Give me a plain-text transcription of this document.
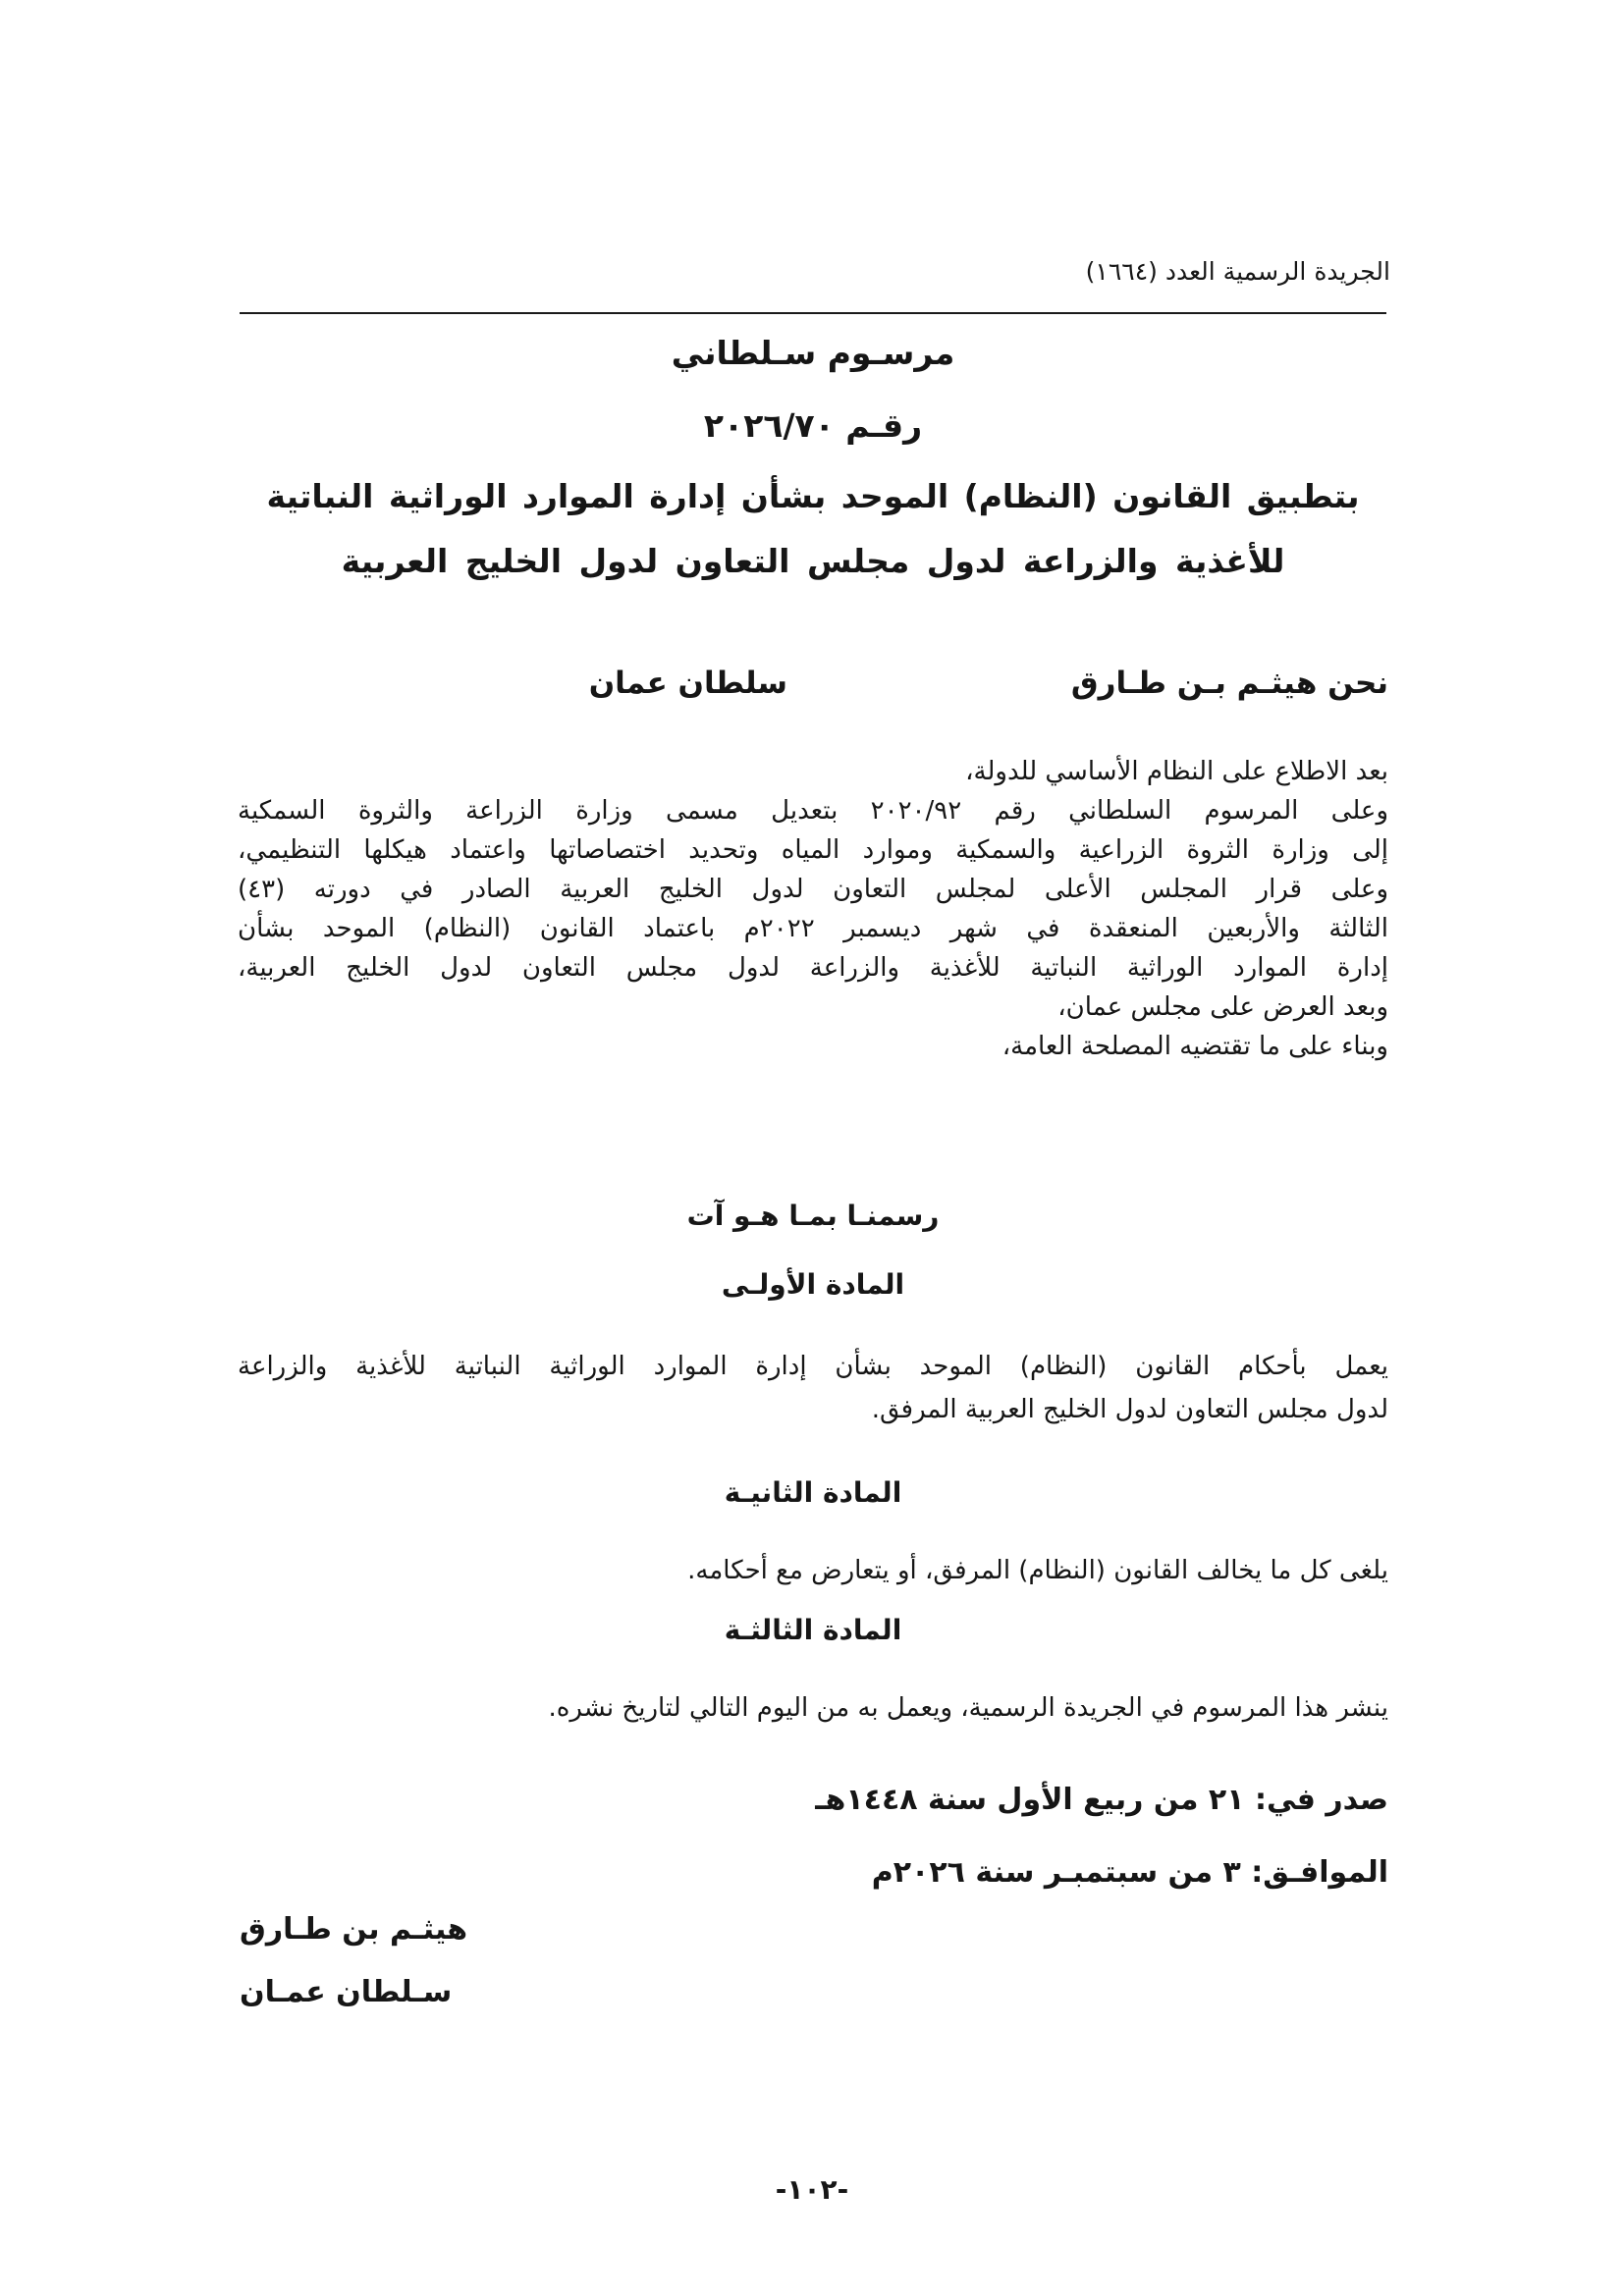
الجريدة الرسمية العدد (١٦٦٤)
مرسـوم سـلطاني
رقـم ٢٠٢٦/٧٠
بتطبيق القانون (النظام) الموحد بشأن إدارة الموارد الوراثية النباتية
للأغذية والزراعة لدول مجلس التعاون لدول الخليج العربية
نحن هيثـم بـن طـارق
سلطان عمان
بعد الاطلاع على النظام الأساسي للدولة،
وعلى المرسوم السلطاني رقم ٢٠٢٠/٩٢ بتعديل مسمى وزارة الزراعة والثروة السمكية
إلى وزارة الثروة الزراعية والسمكية وموارد المياه وتحديد اختصاصاتها واعتماد هيكلها التنظيمي،
وعلى قرار المجلس الأعلى لمجلس التعاون لدول الخليج العربية الصادر في دورته (٤٣)
الثالثة والأربعين المنعقدة في شهر ديسمبر ٢٠٢٢م باعتماد القانون (النظام) الموحد بشأن
إدارة الموارد الوراثية النباتية للأغذية والزراعة لدول مجلس التعاون لدول الخليج العربية،
وبعد العرض على مجلس عمان،
وبناء على ما تقتضيه المصلحة العامة،
رسمنـا بمـا هـو آت
المادة الأولـى
يعمل بأحكام القانون (النظام) الموحد بشأن إدارة الموارد الوراثية النباتية للأغذية والزراعة
لدول مجلس التعاون لدول الخليج العربية المرفق.
المادة الثانيـة
يلغى كل ما يخالف القانون (النظام) المرفق، أو يتعارض مع أحكامه.
المادة الثالثـة
ينشر هذا المرسوم في الجريدة الرسمية، ويعمل به من اليوم التالي لتاريخ نشره.
صدر في: ٢١ من ربيع الأول سنة ١٤٤٨هـ
الموافـق: ٣ من سبتمبـر سنة ٢٠٢٦م
هيثـم بن طـارق
سـلطان عمـان
-١٠٢-
